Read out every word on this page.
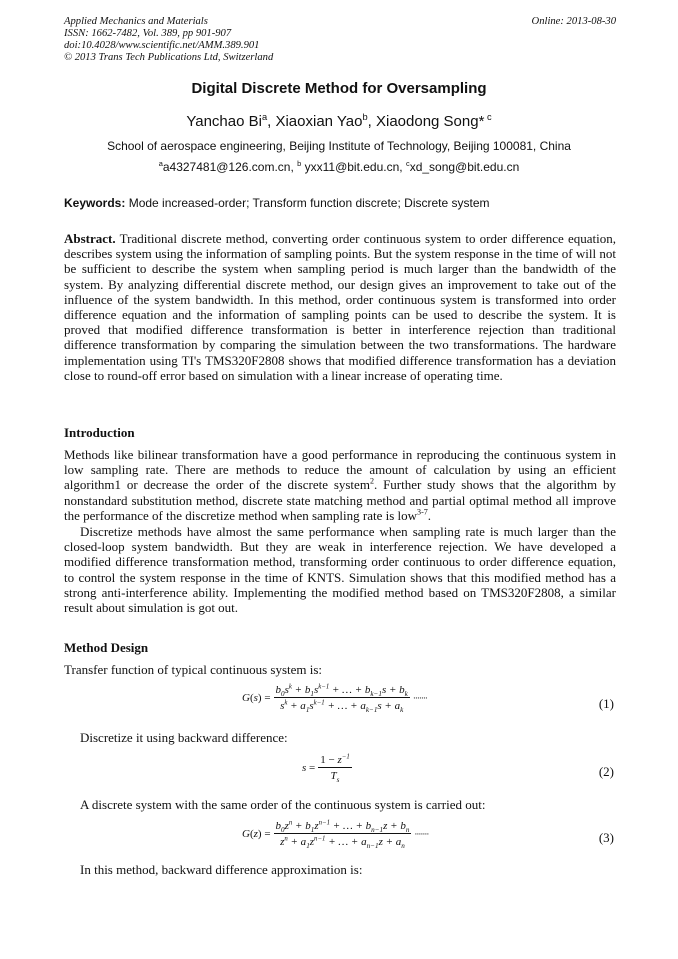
Applied Mechanics and Materials
ISSN: 1662-7482, Vol. 389, pp 901-907
doi:10.4028/www.scientific.net/AMM.389.901
© 2013 Trans Tech Publications Ltd, Switzerland
Online: 2013-08-30
Digital Discrete Method for Oversampling
Yanchao Bi$^a$, Xiaoxian Yao$^b$, Xiaodong Song* $^c$
School of aerospace engineering, Beijing Institute of Technology, Beijing 100081, China
$^a$a4327481@126.com.cn, $^b$ yxx11@bit.edu.cn, $^c$xd_song@bit.edu.cn
Keywords: Mode increased-order; Transform function discrete; Discrete system

Abstract. Traditional discrete method, converting order continuous system to order difference equation, describes system using the information of sampling points. But the system response in the time of will not be sufficient to describe the system when sampling period is much larger than the bandwidth of the system. By analyzing differential discrete method, our design gives an improvement to take out of the influence of the system bandwidth. In this method, order continuous system is transformed into order difference equation and the information of sampling points can be used to describe the system. It is proved that modified difference transformation is better in interference rejection than traditional difference transformation by comparing the simulation between the two transformations. The hardware implementation using TI's TMS320F2808 shows that modified difference transformation has a deviation close to round-off error based on simulation with a linear increase of operating time.

Introduction

Methods like bilinear transformation have a good performance in reproducing the continuous system in low sampling rate. There are methods to reduce the amount of calculation by using an efficient algorithm1 or decrease the order of the discrete system$^2$. Further study shows that the algorithm by nonstandard substitution method, discrete state matching method and partial optimal method all improve the performance of the discretize method when sampling rate is low$^{3-7}$.

Discretize methods have almost the same performance when sampling rate is much larger than the closed-loop system bandwidth. But they are weak in interference rejection. We have developed a modified difference transformation method, transforming order continuous to order difference equation, to control the system response in the time of KNTS. Simulation shows that this modified method has a strong anti-interference ability. Implementing the modified method based on TMS320F2808, a similar result about simulation is got out.

Method Design

Transfer function of typical continuous system is:

G ( s ) = $\frac{b_0s^k + b_1s^{k-1} + \dots + b_{k-1}s + b_k}{s^k + a_1s^{k-1} + \dots + a_{k-1}s + a_k}$ ·······	(1)

Discretize it using backward difference:

$s = \frac{1 - z^{-1}}{T_s}$	(2)

A discrete system with the same order of the continuous system is carried out:

G ( z ) = $\frac{b_0z^n + b_1z^{n-1} + \dots + b_{n-1}z + b_n}{z^n + a_1z^{n-1} + \dots + a_{n-1}z + a_n}$ ·······	(3)

In this method, backward difference approximation is:
